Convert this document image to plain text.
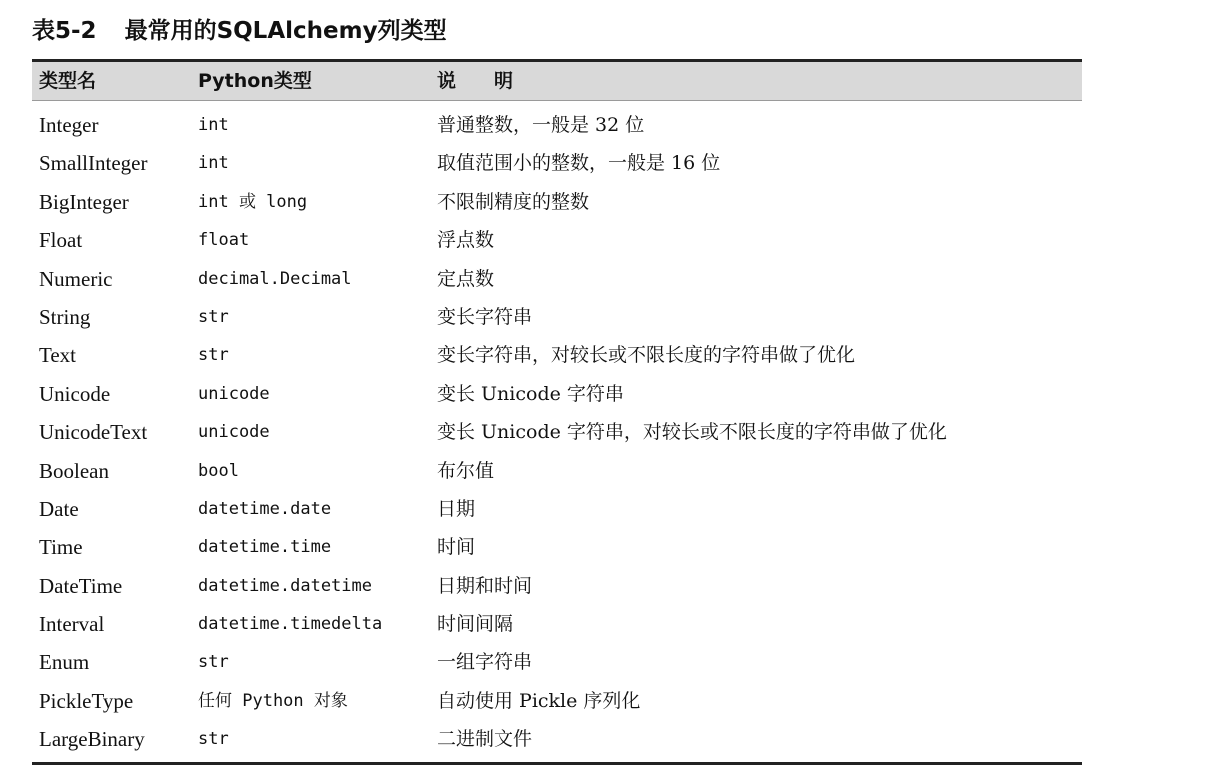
表5-2 最常用的SQLAlchemy列类型
类型名	Python类型	说　　明
Integer	int	普通整数，一般是 32 位
SmallInteger	int	取值范围小的整数，一般是 16 位
BigInteger	int 或 long	不限制精度的整数
Float	float	浮点数
Numeric	decimal.Decimal	定点数
String	str	变长字符串
Text	str	变长字符串，对较长或不限长度的字符串做了优化
Unicode	unicode	变长 Unicode 字符串
UnicodeText	unicode	变长 Unicode 字符串，对较长或不限长度的字符串做了优化
Boolean	bool	布尔值
Date	datetime.date	日期
Time	datetime.time	时间
DateTime	datetime.datetime	日期和时间
Interval	datetime.timedelta	时间间隔
Enum	str	一组字符串
PickleType	任何 Python 对象	自动使用 Pickle 序列化
LargeBinary	str	二进制文件
